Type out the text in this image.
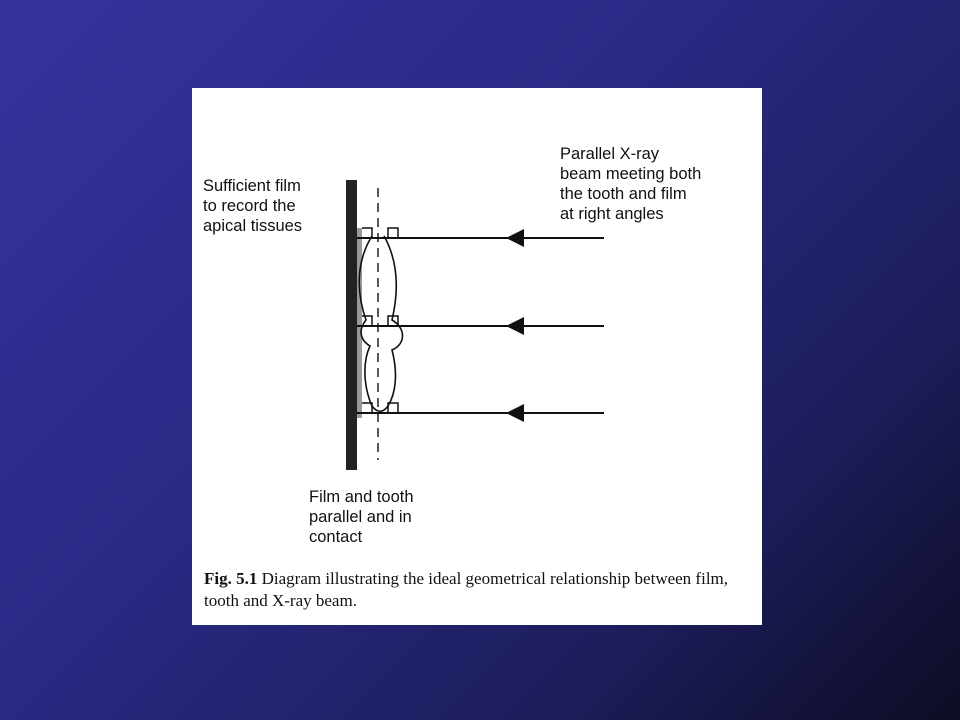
Sufficient film
to record the
apical tissues
Parallel X-ray
beam meeting both
the tooth and film
at right angles
Film and tooth
parallel and in
contact
Fig. 5.1 Diagram illustrating the ideal geometrical relationship between film, tooth and X-ray beam.
